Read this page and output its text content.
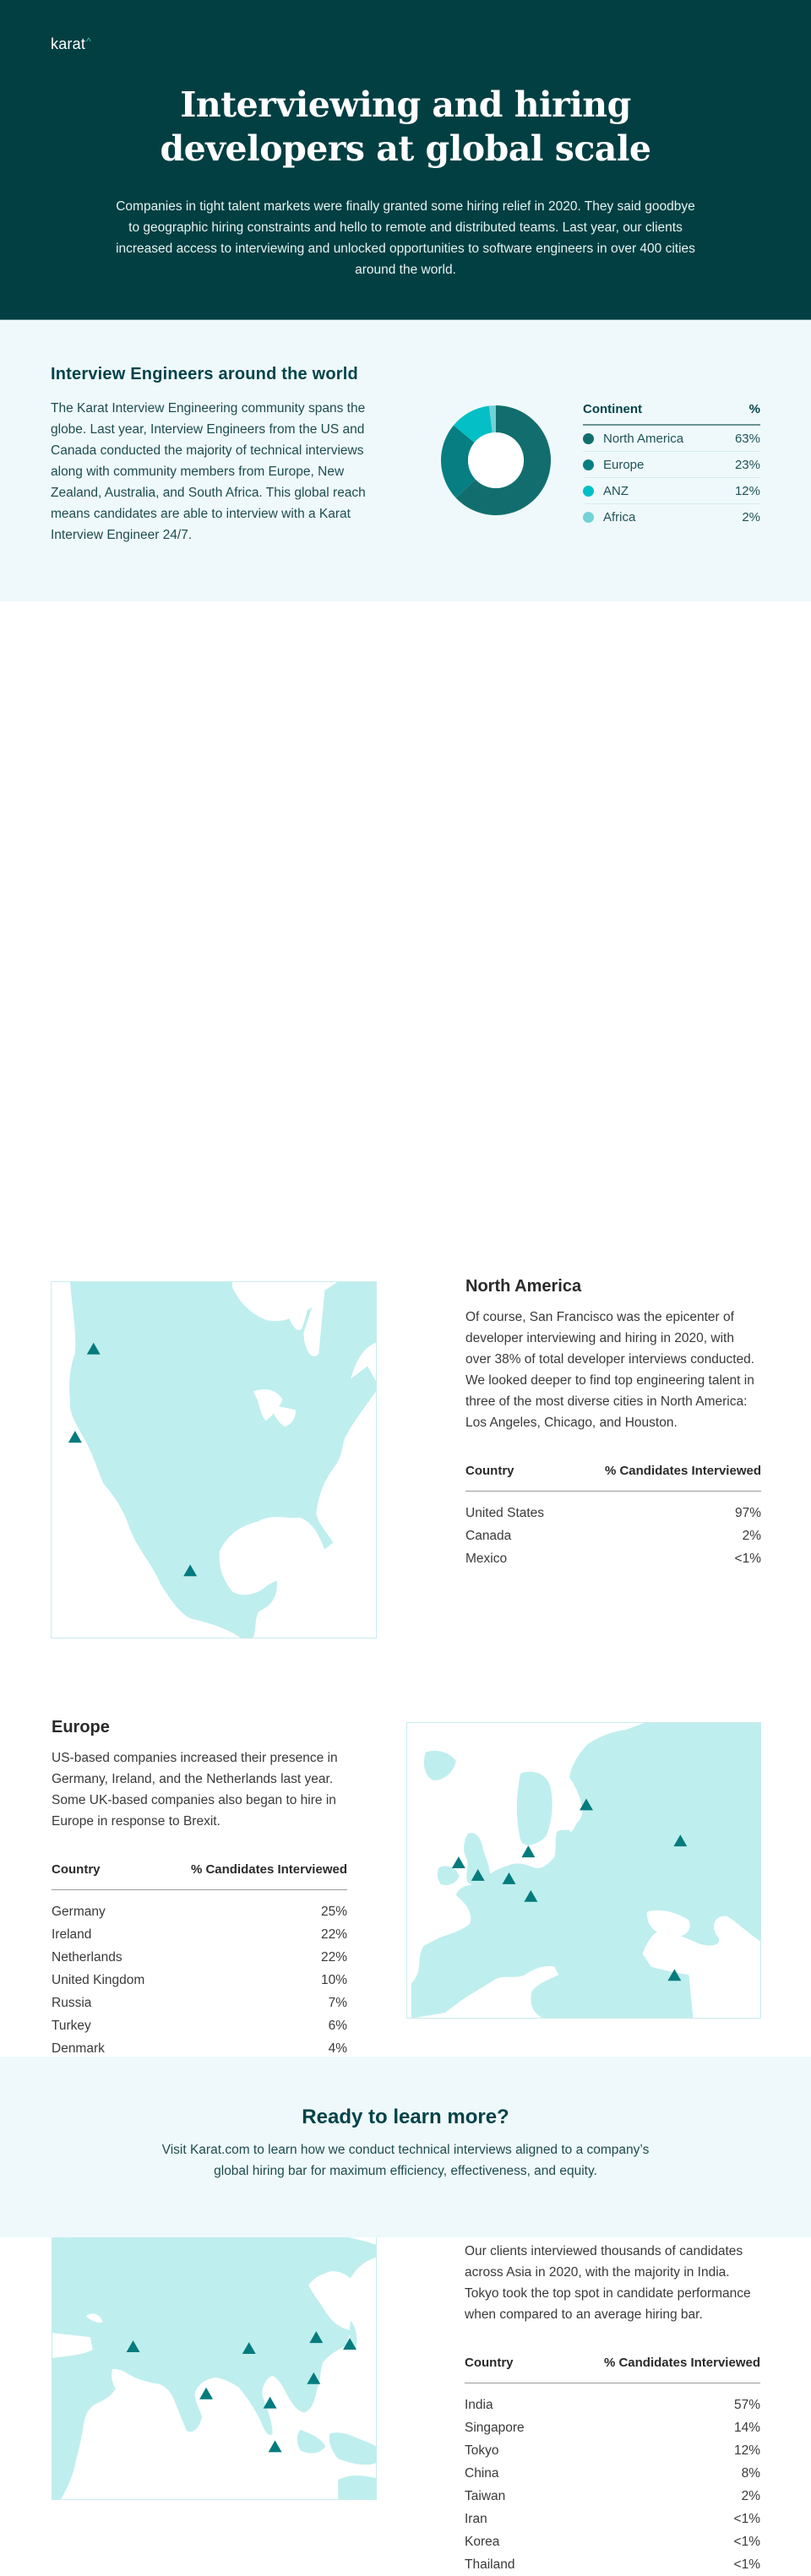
karat^
Interviewing and hiring
developers at global scale

Companies in tight talent markets were finally granted some hiring relief in 2020. They said goodbye to geographic hiring constraints and hello to remote and distributed teams. Last year, our clients increased access to interviewing and unlocked opportunities to software engineers in over 400 cities around the world.

Interview Engineers around the world

The Karat Interview Engineering community spans the globe. Last year, Interview Engineers from the US and Canada conducted the majority of technical interviews along with community members from Europe, New Zealand, Australia, and South Africa. This global reach means candidates are able to interview with a Karat Interview Engineer 24/7.

Continent	%
North America	63%
Europe	23%
ANZ	12%
Africa	2%
North America

Of course, San Francisco was the epicenter of developer interviewing and hiring in 2020, with over 38% of total developer interviews conducted. We looked deeper to find top engineering talent in three of the most diverse cities in North America: Los Angeles, Chicago, and Houston.

Country	% Candidates Interviewed
United States	97%
Canada	2%
Mexico	<1%
Europe

US-based companies increased their presence in Germany, Ireland, and the Netherlands last year. Some UK-based companies also began to hire in Europe in response to Brexit.

Country	% Candidates Interviewed
Germany	25%
Ireland	22%
Netherlands	22%
United Kingdom	10%
Russia	7%
Turkey	6%
Denmark	4%

Our clients interviewed thousands of candidates across Asia in 2020, with the majority in India. Tokyo took the top spot in candidate performance when compared to an average hiring bar.

Country	% Candidates Interviewed
India	57%
Singapore	14%
Tokyo	12%
China	8%
Taiwan	2%
Iran	<1%
Korea	<1%
Thailand	<1%
Ready to learn more?

Visit Karat.com to learn how we conduct technical interviews aligned to a company’s global hiring bar for maximum efficiency, effectiveness, and equity.
